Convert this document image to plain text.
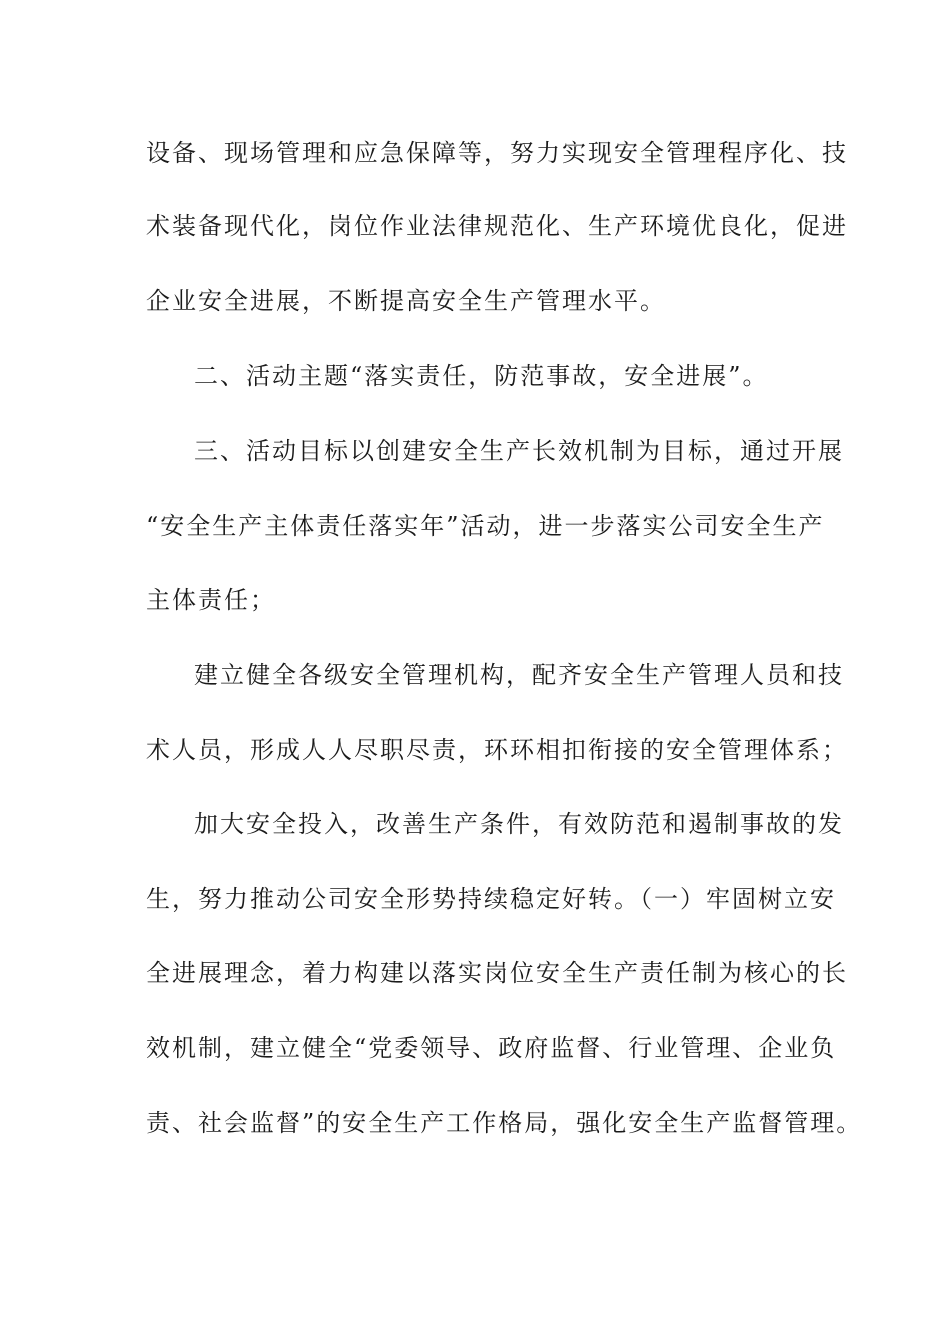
设备、现场管理和应急保障等，努力实现安全管理程序化、技
术装备现代化，岗位作业法律规范化、生产环境优良化，促进
企业安全进展，不断提高安全生产管理水平。
二、活动主题“落实责任，防范事故，安全进展”。
三、活动目标以创建安全生产长效机制为目标，通过开展
“安全生产主体责任落实年”活动，进一步落实公司安全生产
主体责任；
建立健全各级安全管理机构，配齐安全生产管理人员和技
术人员，形成人人尽职尽责，环环相扣衔接的安全管理体系；
加大安全投入，改善生产条件，有效防范和遏制事故的发
生，努力推动公司安全形势持续稳定好转。（一）牢固树立安
全进展理念，着力构建以落实岗位安全生产责任制为核心的长
效机制，建立健全“党委领导、政府监督、行业管理、企业负
责、社会监督”的安全生产工作格局，强化安全生产监督管理。
